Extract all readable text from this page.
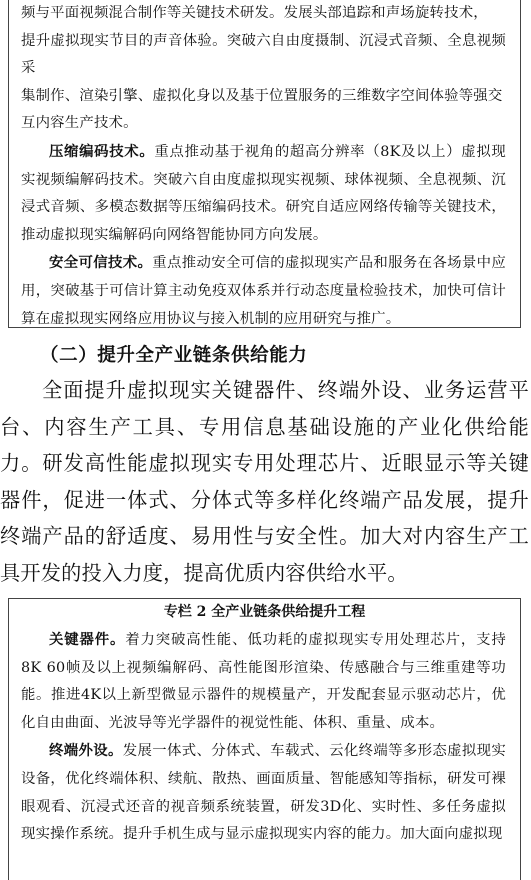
频与平面视频混合制作等关键技术研发。发展头部追踪和声场旋转技术，

提升虚拟现实节目的声音体验。突破六自由度摄制、沉浸式音频、全息视频采

集制作、渲染引擎、虚拟化身以及基于位置服务的三维数字空间体验等强交

互内容生产技术。

压缩编码技术。重点推动基于视角的超高分辨率（8K及以上）虚拟现实视频编解码技术。突破六自由度虚拟现实视频、球体视频、全息视频、沉浸式音频、多模态数据等压缩编码技术。研究自适应网络传输等关键技术，推动虚拟现实编解码向网络智能协同方向发展。

安全可信技术。重点推动安全可信的虚拟现实产品和服务在各场景中应用，突破基于可信计算主动免疫双体系并行动态度量检验技术，加快可信计算在虚拟现实网络应用协议与接入机制的应用研究与推广。

（二）提升全产业链条供给能力

全面提升虚拟现实关键器件、终端外设、业务运营平台、内容生产工具、专用信息基础设施的产业化供给能力。研发高性能虚拟现实专用处理芯片、近眼显示等关键器件，促进一体式、分体式等多样化终端产品发展，提升终端产品的舒适度、易用性与安全性。加大对内容生产工具开发的投入力度，提高优质内容供给水平。

专栏 2 全产业链条供给提升工程

关键器件。着力突破高性能、低功耗的虚拟现实专用处理芯片，支持8K 60帧及以上视频编解码、高性能图形渲染、传感融合与三维重建等功能。推进4K以上新型微显示器件的规模量产，开发配套显示驱动芯片，优化自由曲面、光波导等光学器件的视觉性能、体积、重量、成本。

终端外设。发展一体式、分体式、车载式、云化终端等多形态虚拟现实设备，优化终端体积、续航、散热、画面质量、智能感知等指标，研发可裸眼观看、沉浸式还音的视音频系统装置，研发3D化、实时性、多任务虚拟现实操作系统。提升手机生成与显示虚拟现实内容的能力。加大面向虚拟现
